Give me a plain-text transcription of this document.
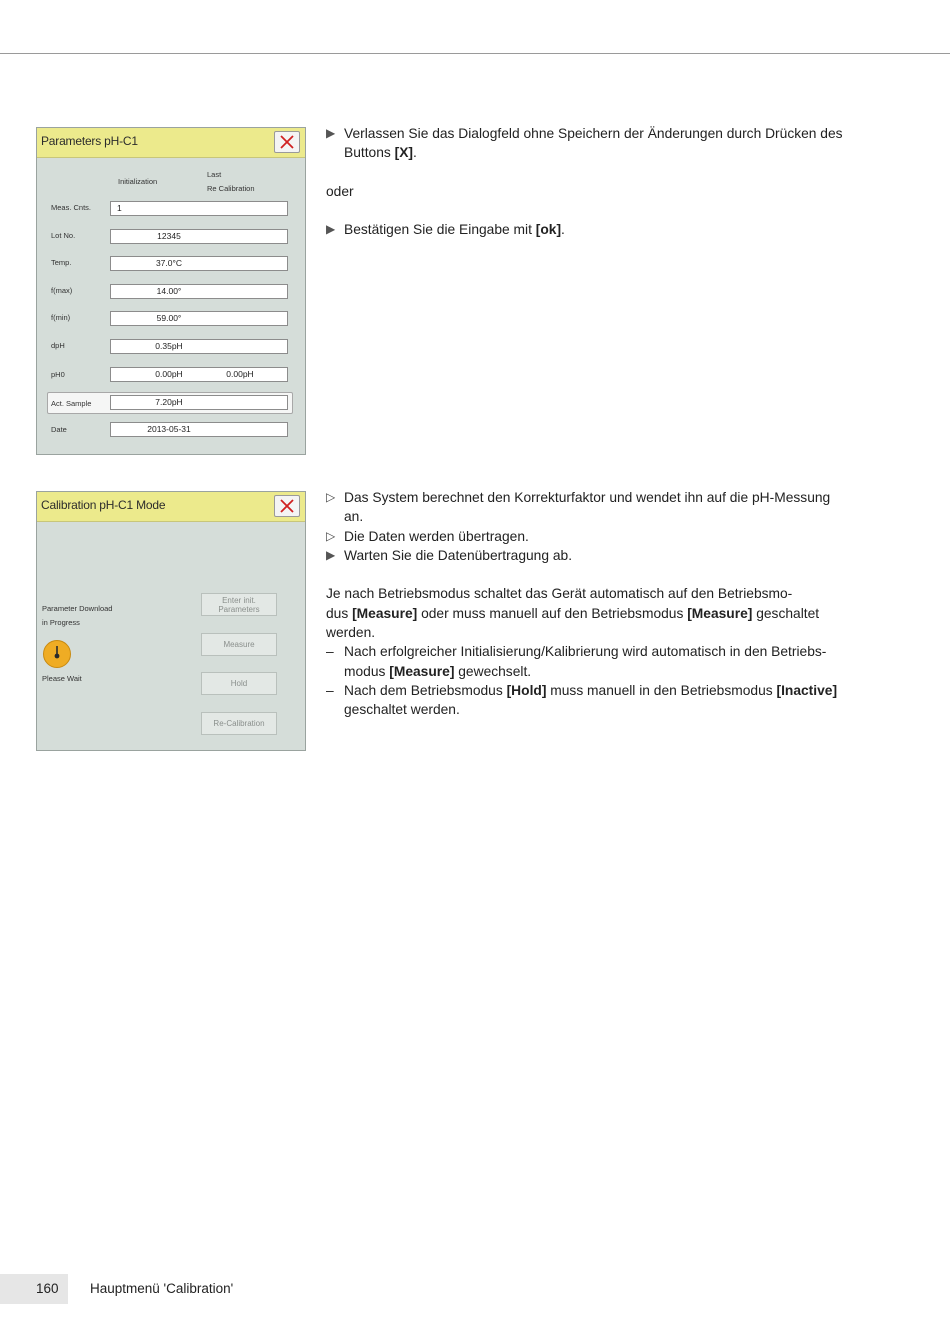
Parameters pH-C1
Initialization
Last
Re Calibration
Meas. Cnts.	1
Lot No.	12345
Temp.	37.0°C
f(max)	14.00°
f(min)	59.00°
dpH	0.35pH
pH0	0.00pH	0.00pH
Act. Sample	7.20pH
Date	2013-05-31
Calibration pH-C1 Mode
Parameter Download
in Progress
Please Wait
Enter init.
Parameters
Measure
Hold
Re-Calibration
▶ Verlassen Sie das Dialogfeld ohne Speichern der Änderungen durch Drücken des
Buttons [X].
oder
▶ Bestätigen Sie die Eingabe mit [ok].
▷ Das System berechnet den Korrekturfaktor und wendet ihn auf die pH-Messung
an.
▷ Die Daten werden übertragen.
▶ Warten Sie die Datenübertragung ab.
Je nach Betriebsmodus schaltet das Gerät automatisch auf den Betriebsmo-
dus [Measure] oder muss manuell auf den Betriebsmodus [Measure] geschaltet
werden.
– Nach erfolgreicher Initialisierung/Kalibrierung wird automatisch in den Betriebs-
modus [Measure] gewechselt.
– Nach dem Betriebsmodus [Hold] muss manuell in den Betriebsmodus [Inactive]
geschaltet werden.
160 Hauptmenü 'Calibration'
